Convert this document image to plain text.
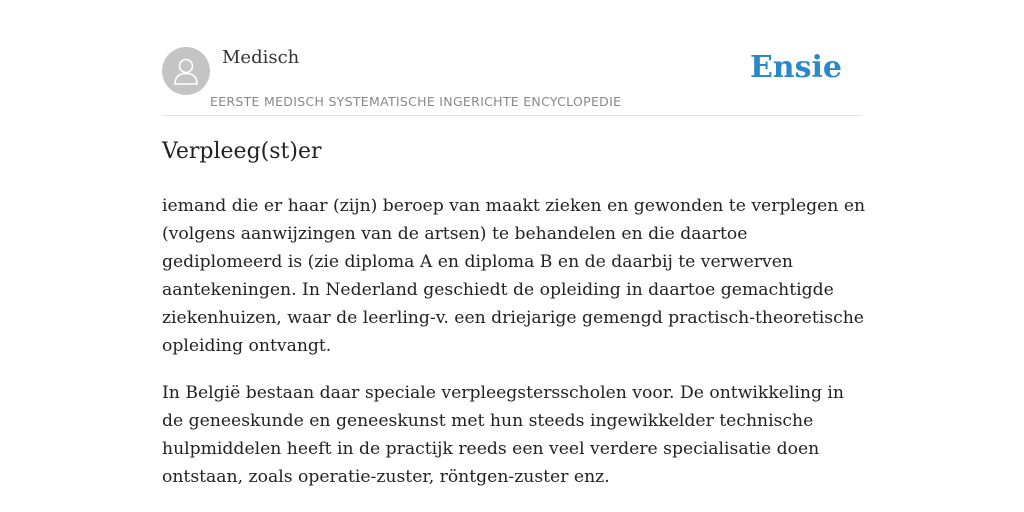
Medisch
EERSTE MEDISCH SYSTEMATISCHE INGERICHTE ENCYCLOPEDIE
Ensie
Verpleeg(st)er

iemand die er haar (zijn) beroep van maakt zieken en gewonden te verplegen en (volgens aanwijzingen van de artsen) te behandelen en die daartoe gediplomeerd is (zie diploma A en diploma B en de daarbij te verwerven aantekeningen. In Nederland geschiedt de opleiding in daartoe gemachtigde ziekenhuizen, waar de leerling-v. een driejarige gemengd practisch-theoretische opleiding ontvangt.

In België bestaan daar speciale verpleegstersscholen voor. De ontwikkeling in de geneeskunde en geneeskunst met hun steeds ingewikkelder technische hulpmiddelen heeft in de practijk reeds een veel verdere specialisatie doen ontstaan, zoals operatie-zuster, röntgen-zuster enz.
